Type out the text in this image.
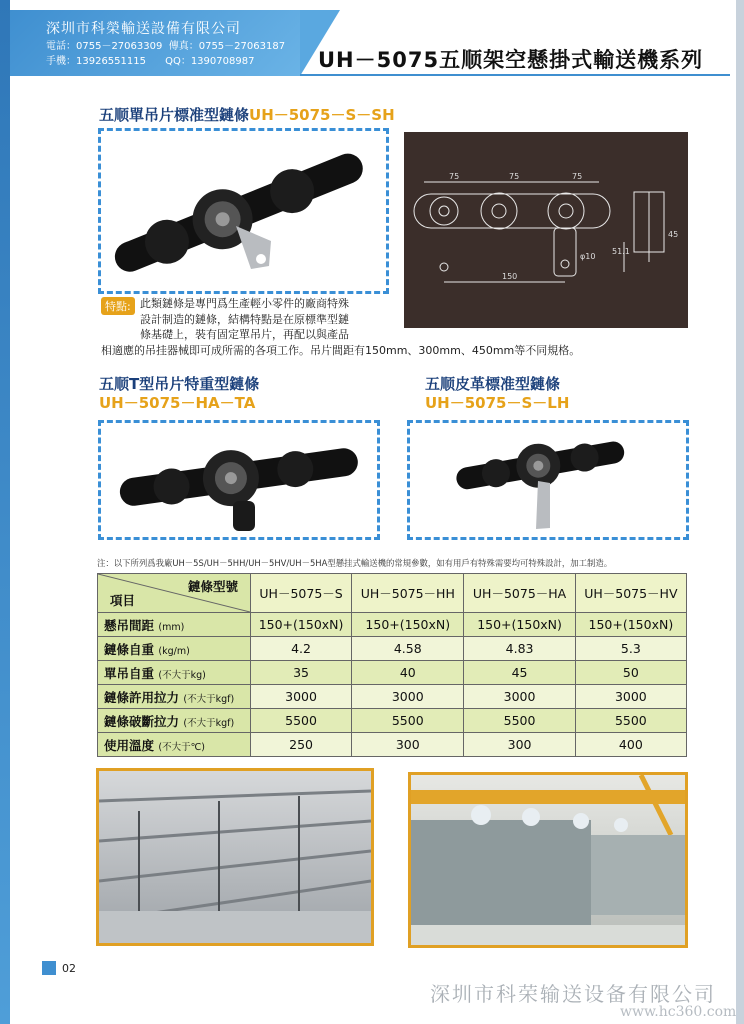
深圳市科榮輸送設備有限公司
電話：0755－27063309 傳真：0755－27063187
手機：13926551115 QQ：1390708987	UH－5075五顺架空懸掛式輸送機系列
五顺單吊片標准型鏈條UH－5075－S－SH
75	75	75
150
φ10
51.1
45
特點: 此類鏈條是專門爲生產輕小零件的廠商特殊
設計制造的鏈條，結構特點是在原標準型鏈
條基礎上，裝有固定單吊片，再配以與產品
相適應的吊挂器械即可成所需的各項工作。吊片間距有150mm、300mm、450mm等不同規格。
五顺T型吊片特重型鏈條
UH－5075－HA－TA
五顺皮革標准型鏈條
UH－5075－S－LH
注：以下所列爲我廠UH－5S/UH－5HH/UH－5HV/UH－5HA型懸挂式輸送機的常規參數，如有用戶有特殊需要均可特殊設計，加工制造。
鏈條型號
項目	UH－5075－S	UH－5075－HH	UH－5075－HA	UH－5075－HV
懸吊間距 (mm)	150+(150xN)	150+(150xN)	150+(150xN)	150+(150xN)
鏈條自重 (kg/m)	4.2	4.58	4.83	5.3
單吊自重 (不大于kg)	35	40	45	50
鏈條許用拉力 (不大于kgf)	3000	3000	3000	3000
鏈條破斷拉力 (不大于kgf)	5500	5500	5500	5500
使用溫度 (不大于℃)	250	300	300	400
02
深圳市科荣输送设备有限公司
www.hc360.com
